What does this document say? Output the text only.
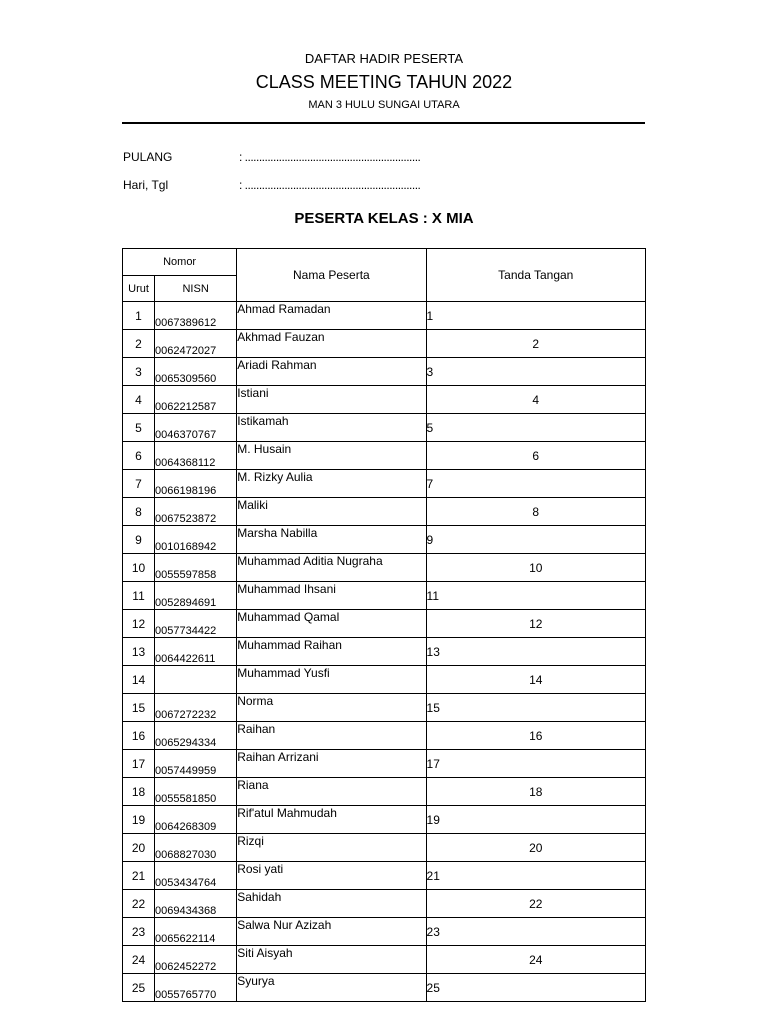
DAFTAR HADIR PESERTA
CLASS MEETING TAHUN 2022
MAN 3 HULU SUNGAI UTARA
PULANG	: ..............................................................
Hari, Tgl	: ..............................................................
PESERTA KELAS : X MIA
Nomor		Nama Peserta	Tanda Tangan
Urut	NISN		
1	0067389612	Ahmad Ramadan	1
2	0062472027	Akhmad Fauzan	2
3	0065309560	Ariadi Rahman	3
4	0062212587	Istiani	4
5	0046370767	Istikamah	5
6	0064368112	M. Husain	6
7	0066198196	M. Rizky Aulia	7
8	0067523872	Maliki	8
9	0010168942	Marsha Nabilla	9
10	0055597858	Muhammad Aditia Nugraha	10
11	0052894691	Muhammad Ihsani	11
12	0057734422	Muhammad Qamal	12
13	0064422611	Muhammad Raihan	13
14		Muhammad Yusfi	14
15	0067272232	Norma	15
16	0065294334	Raihan	16
17	0057449959	Raihan Arrizani	17
18	0055581850	Riana	18
19	0064268309	Rif'atul Mahmudah	19
20	0068827030	Rizqi	20
21	0053434764	Rosi yati	21
22	0069434368	Sahidah	22
23	0065622114	Salwa Nur Azizah	23
24	0062452272	Siti Aisyah	24
25	0055765770	Syurya	25
